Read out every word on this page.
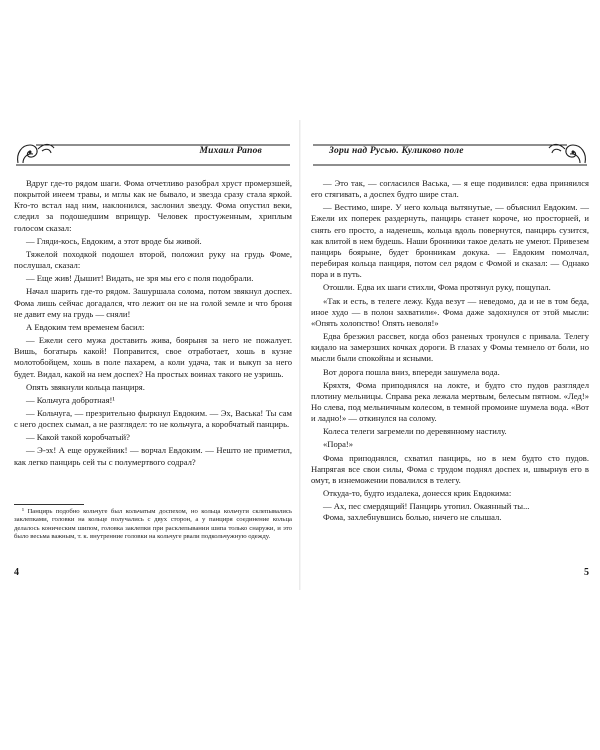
Михаил Рапов

Вдруг где-то рядом шаги. Фома отчетливо разобрал хруст промерзшей, покрытой инеем травы, и мглы как не бывало, и звезда сразу стала яркой. Кто-то встал над ним, наклонился, заслонил звезду. Фома опустил веки, следил за подошедшим вприщур. Человек простуженным, хриплым голосом сказал:

— Гляди-кось, Евдоким, а этот вроде бы живой.

Тяжелой походкой подошел второй, положил руку на грудь Фоме, послушал, сказал:

— Еще жив! Дышит! Видать, не зря мы его с поля подобрали.

Начал шарить где-то рядом. Зашуршала солома, потом звякнул доспех. Фома лишь сейчас догадался, что лежит он не на голой земле и что броня не давит ему на грудь — сняли!

А Евдоким тем временем басил:

— Ежели сего мужа доставить жива, боярыня за него не пожалует. Вишь, богатырь какой! Поправится, свое отработает, хошь в кузне молотобойцем, хошь в поле пахарем, а коли удача, так и выкуп за него будет. Видал, какой на нем доспех? На простых воинах такого не узришь.

Опять звякнули кольца панциря.

— Кольчуга добротная!¹

— Кольчуга, — презрительно фыркнул Евдоким. — Эх, Васька! Ты сам с него доспех сымал, а не разглядел: то не кольчуга, а коробчатый панцирь.

— Какой такой коробчатый?

— Э-эх! А еще оружейник! — ворчал Евдоким. — Нешто не приметил, как легко панцирь сей ты с полумертвого содрал?

¹ Панцирь подобно кольчуге был кольчатым доспехом, но кольца кольчуги склепывались заклепками, головки на кольце получались с двух сторон, а у панциря соединение кольца делалось коническим шипом, головка заклепки при расклепывании шипа только снаружи, и это было весьма важным, т. к. внутренние головки на кольчуге рвали подкольчужную одежду.

4
Зори над Русью. Куликово поле

— Это так, — согласился Васька, — я еще подивился: едва приняился его стягивать, а доспех будто шире стал.

— Вестимо, шире. У него кольца вытянутые, — объяснил Евдоким. — Ежели их поперек раздернуть, панцирь станет короче, но просторней, и снять его просто, а наденешь, кольца вдоль повернутся, панцирь сузится, как влитой в нем будешь. Наши бронники такое делать не умеют. Привезем панцирь боярыне, будет бронникам докука. — Евдоким помолчал, перебирая кольца панциря, потом сел рядом с Фомой и сказал: — Однако пора и в путь.

Отошли. Едва их шаги стихли, Фома протянул руку, пощупал.

«Так и есть, в телеге лежу. Куда везут — неведомо, да и не в том беда, иное худо — в полон захватили». Фома даже задохнулся от этой мысли: «Опять холопство! Опять неволя!»

Едва брезжил рассвет, когда обоз раненых тронулся с привала. Телегу кидало на замерзших кочках дороги. В глазах у Фомы темнело от боли, но мысли были спокойны и ясными.

Вот дорога пошла вниз, впереди зашумела вода.

Кряхтя, Фома приподнялся на локте, и будто сто пудов разглядел плотину мельницы. Справа река лежала мертвым, белесым пятном. «Лед!» Но слева, под мельничным колесом, в темной промоине шумела вода. «Вот и ладно!» — откинулся на солому.

Колеса телеги загремели по деревянному настилу.

«Пора!»

Фома приподнялся, схватил панцирь, но в нем будто сто пудов. Напрягая все свои силы, Фома с трудом поднял доспех и, швырнув его в омут, в изнеможении повалился в телегу.

Откуда-то, будто издалека, донесся крик Евдокима:

— Ах, пес смердящий! Панцирь утопил. Окаянный ты...

Фома, захлебнувшись болью, ничего не слышал.

5
